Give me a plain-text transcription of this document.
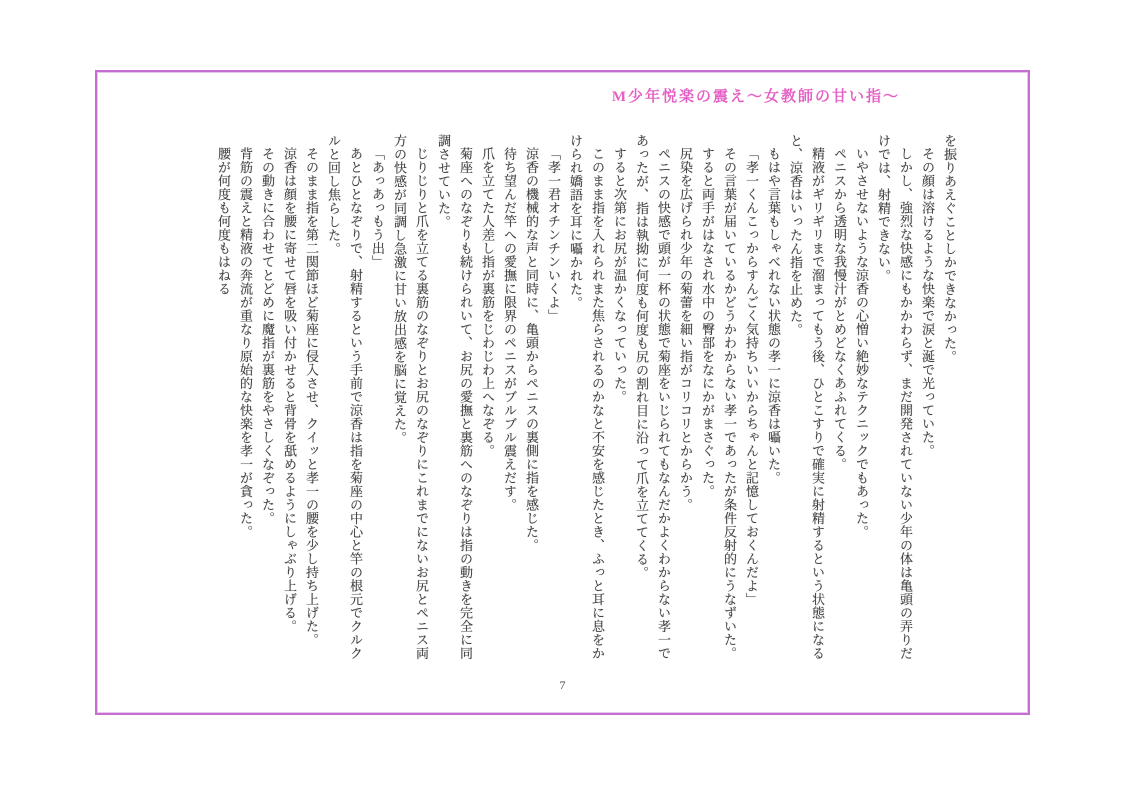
M少年悦楽の震え～女教師の甘い指～

を振りあえぐことしかできなかった。

その顔は溶けるような快楽で涙と涎で光っていた。

しかし、強烈な快感にもかかわらず、まだ開発されていない少年の体は亀頭の弄りだけでは、射精できない。

いやさせないような涼香の心憎い絶妙なテクニックでもあった。

ペニスから透明な我慢汁がとめどなくあふれてくる。

精液がギリギリまで溜まってもう後、ひとこすりで確実に射精するという状態になると、涼香はいったん指を止めた。

もはや言葉もしゃべれない状態の孝一に涼香は囁いた。

「孝一くんこっからすんごく気持ちいいからちゃんと記憶しておくんだよ」

その言葉が届いているかどうかわからない孝一であったが条件反射的にうなずいた。

すると両手がはなされ水中の臀部をなにかがまさぐった。

尻染を広げられ少年の菊蕾を細い指がコリコリとからかう。

ペニスの快感で頭が一杯の状態で菊座をいじられてもなんだかよくわからない孝一であったが、指は執拗に何度も何度も尻の割れ目に沿って爪を立ててくる。

すると次第にお尻が温かくなっていった。

このまま指を入れられまた焦らされるのかなと不安を感じたとき、ふっと耳に息をかけられ嬌語を耳に囁かれた。

「孝一君オチンチンいくよ」

涼香の機械的な声と同時に、亀頭からペニスの裏側に指を感じた。

待ち望んだ竿への愛撫に限界のペニスがブルブル震えだす。

爪を立てた人差し指が裏筋をじわじわ上へなぞる。

菊座へのなぞりも続けられいて、お尻の愛撫と裏筋へのなぞりは指の動きを完全に同調させていた。

じりじりと爪を立てる裏筋のなぞりとお尻のなぞりにこれまでにないお尻とペニス両方の快感が同調し急激に甘い放出感を脳に覚えた。

「あっあっもう出」

あとひとなぞりで、射精するという手前で涼香は指を菊座の中心と竿の根元でクルクルと回し焦らした。

そのまま指を第二関節ほど菊座に侵入させ、クイッと孝一の腰を少し持ち上げた。

涼香は顔を腰に寄せて唇を吸い付かせると背骨を舐めるようにしゃぶり上げる。

その動きに合わせてとどめに魔指が裏筋をやさしくなぞった。

背筋の震えと精液の奔流が重なり原始的な快楽を孝一が貪った。

腰が何度も何度もはねる

7
